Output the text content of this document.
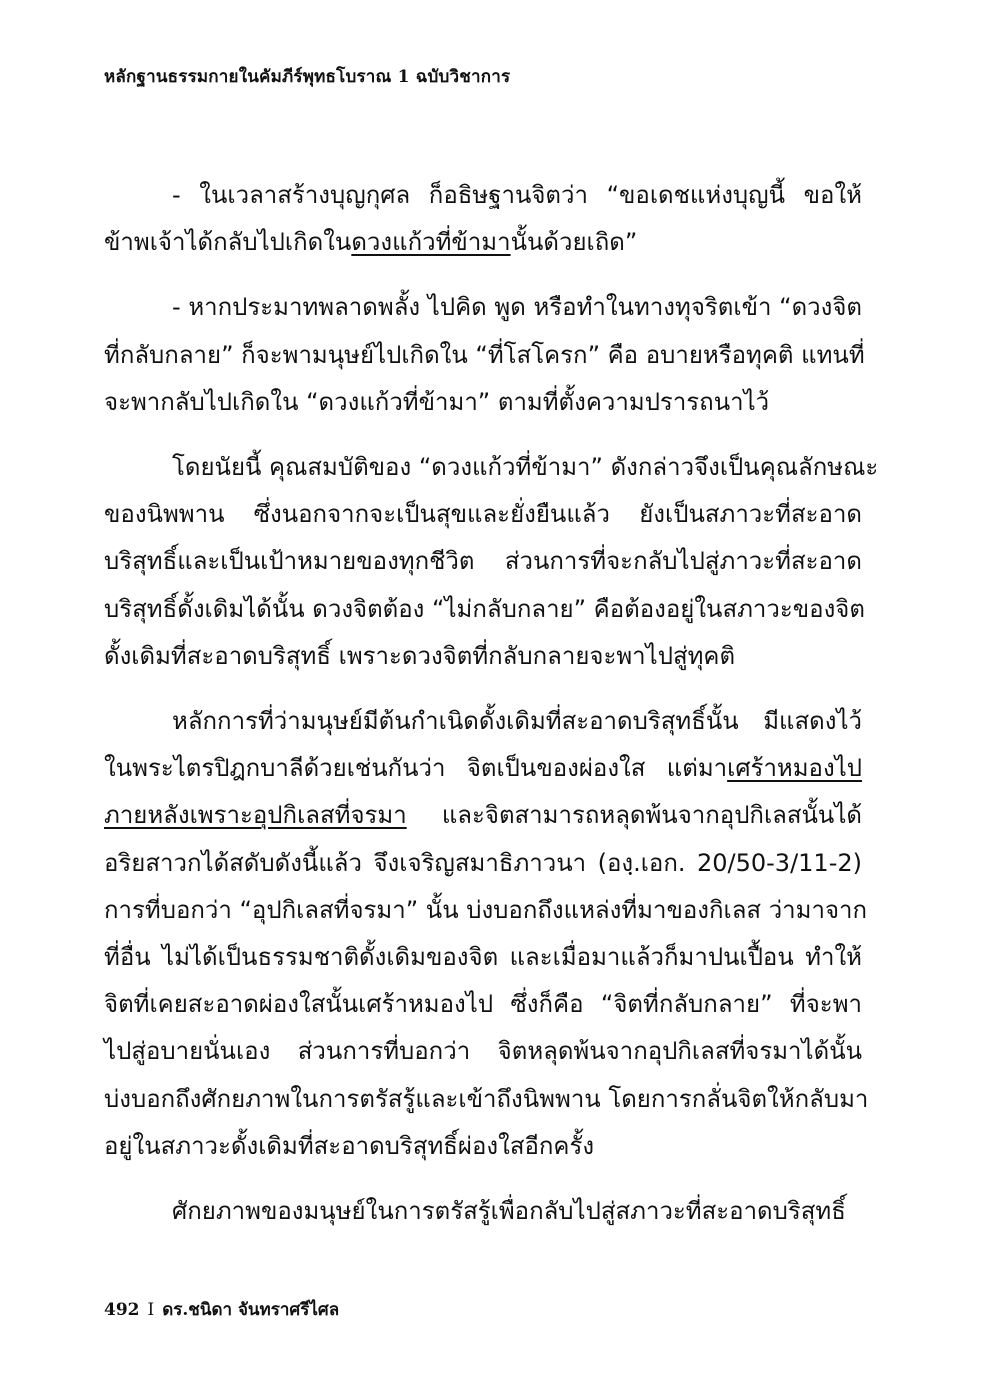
หลักฐานธรรมกายในคัมภีร์พุทธโบราณ 1 ฉบับวิชาการ
- ในเวลาสร้างบุญกุศล ก็อธิษฐานจิตว่า “ขอเดชแห่งบุญนี้ ขอให้
ข้าพเจ้าได้กลับไปเกิดในดวงแก้วที่ข้ามานั้นด้วยเถิด”
- หากประมาทพลาดพลั้ง ไปคิด พูด หรือทำในทางทุจริตเข้า “ดวงจิต
ที่กลับกลาย” ก็จะพามนุษย์ไปเกิดใน “ที่โสโครก” คือ อบายหรือทุคติ แทนที่
จะพากลับไปเกิดใน “ดวงแก้วที่ข้ามา” ตามที่ตั้งความปรารถนาไว้
โดยนัยนี้ คุณสมบัติของ “ดวงแก้วที่ข้ามา” ดังกล่าวจึงเป็นคุณลักษณะ
ของนิพพาน ซึ่งนอกจากจะเป็นสุขและยั่งยืนแล้ว ยังเป็นสภาวะที่สะอาด
บริสุทธิ์และเป็นเป้าหมายของทุกชีวิต ส่วนการที่จะกลับไปสู่ภาวะที่สะอาด
บริสุทธิ์ดั้งเดิมได้นั้น ดวงจิตต้อง “ไม่กลับกลาย” คือต้องอยู่ในสภาวะของจิต
ดั้งเดิมที่สะอาดบริสุทธิ์ เพราะดวงจิตที่กลับกลายจะพาไปสู่ทุคติ
หลักการที่ว่ามนุษย์มีต้นกำเนิดดั้งเดิมที่สะอาดบริสุทธิ์นั้น มีแสดงไว้
ในพระไตรปิฎกบาลีด้วยเช่นกันว่า จิตเป็นของผ่องใส แต่มาเศร้าหมองไป
ภายหลังเพราะอุปกิเลสที่จรมา และจิตสามารถหลุดพ้นจากอุปกิเลสนั้นได้
อริยสาวกได้สดับดังนี้แล้ว จึงเจริญสมาธิภาวนา (องฺ.เอก. 20/50-3/11-2)
การที่บอกว่า “อุปกิเลสที่จรมา” นั้น บ่งบอกถึงแหล่งที่มาของกิเลส ว่ามาจาก
ที่อื่น ไม่ได้เป็นธรรมชาติดั้งเดิมของจิต และเมื่อมาแล้วก็มาปนเปื้อน ทำให้
จิตที่เคยสะอาดผ่องใสนั้นเศร้าหมองไป ซึ่งก็คือ “จิตที่กลับกลาย” ที่จะพา
ไปสู่อบายนั่นเอง ส่วนการที่บอกว่า จิตหลุดพ้นจากอุปกิเลสที่จรมาได้นั้น
บ่งบอกถึงศักยภาพในการตรัสรู้และเข้าถึงนิพพาน โดยการกลั่นจิตให้กลับมา
อยู่ในสภาวะดั้งเดิมที่สะอาดบริสุทธิ์ผ่องใสอีกครั้ง
ศักยภาพของมนุษย์ในการตรัสรู้เพื่อกลับไปสู่สภาวะที่สะอาดบริสุทธิ์
492 I ดร.ชนิดา จันทราศรีไศล
